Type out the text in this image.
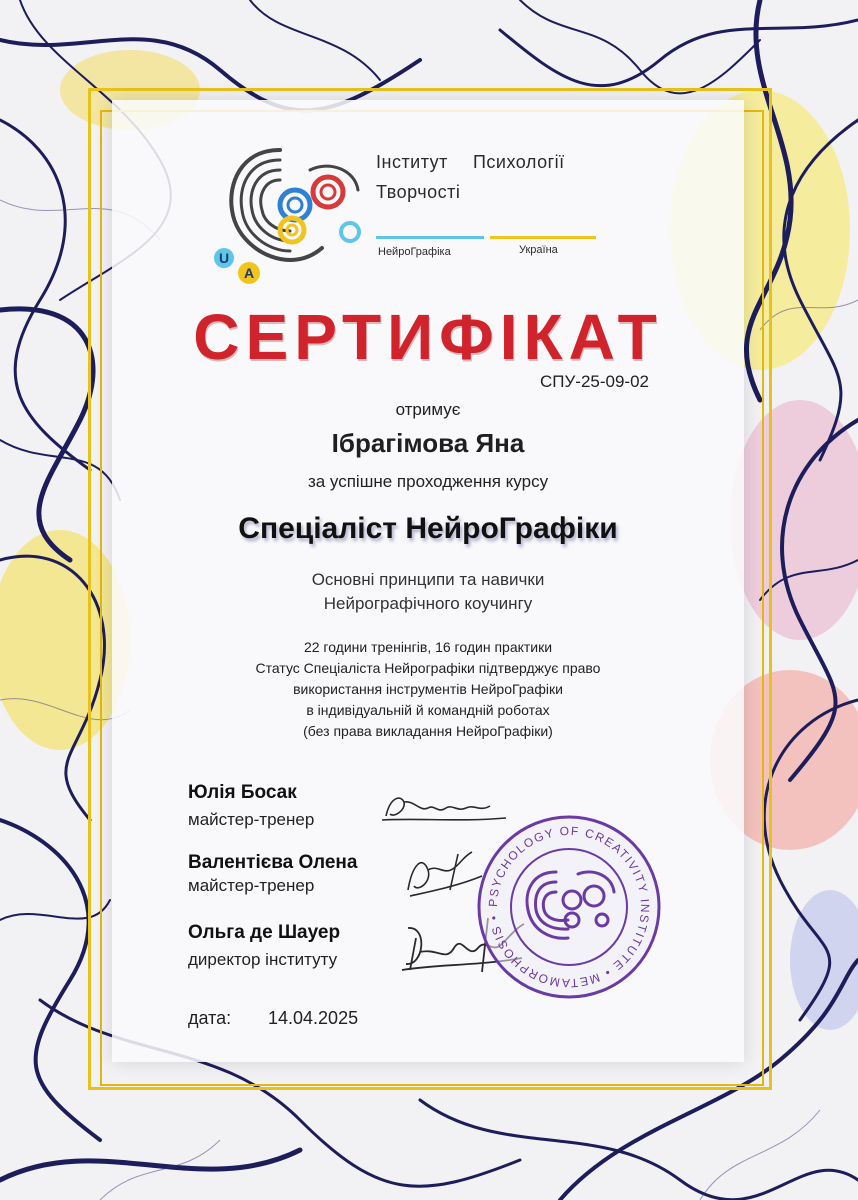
U
A
Інститут Психології
Творчості
НейроГрафіка	Україна
СЕРТИФІКАТ
СПУ-25-09-02
отримує
Ібрагімова Яна
за успішне проходження курсу
Спеціаліст НейроГрафіки
Основні принципи та навички
Нейрографічного коучингу
22 години тренінгів, 16 годин практики
Статус Спеціаліста Нейрографіки підтверджує право
використання інструментів НейроГрафіки
в індивідуальній й командній роботах
(без права викладання НейроГрафіки)
Юлія Босак
майстер-тренер
Валентієва Олена
майстер-тренер
Ольга де Шауер
директор інституту
PSYCHOLOGY OF CREATIVITY INSTITUTE • METAMORPHOSIS •
дата: 14.04.2025
